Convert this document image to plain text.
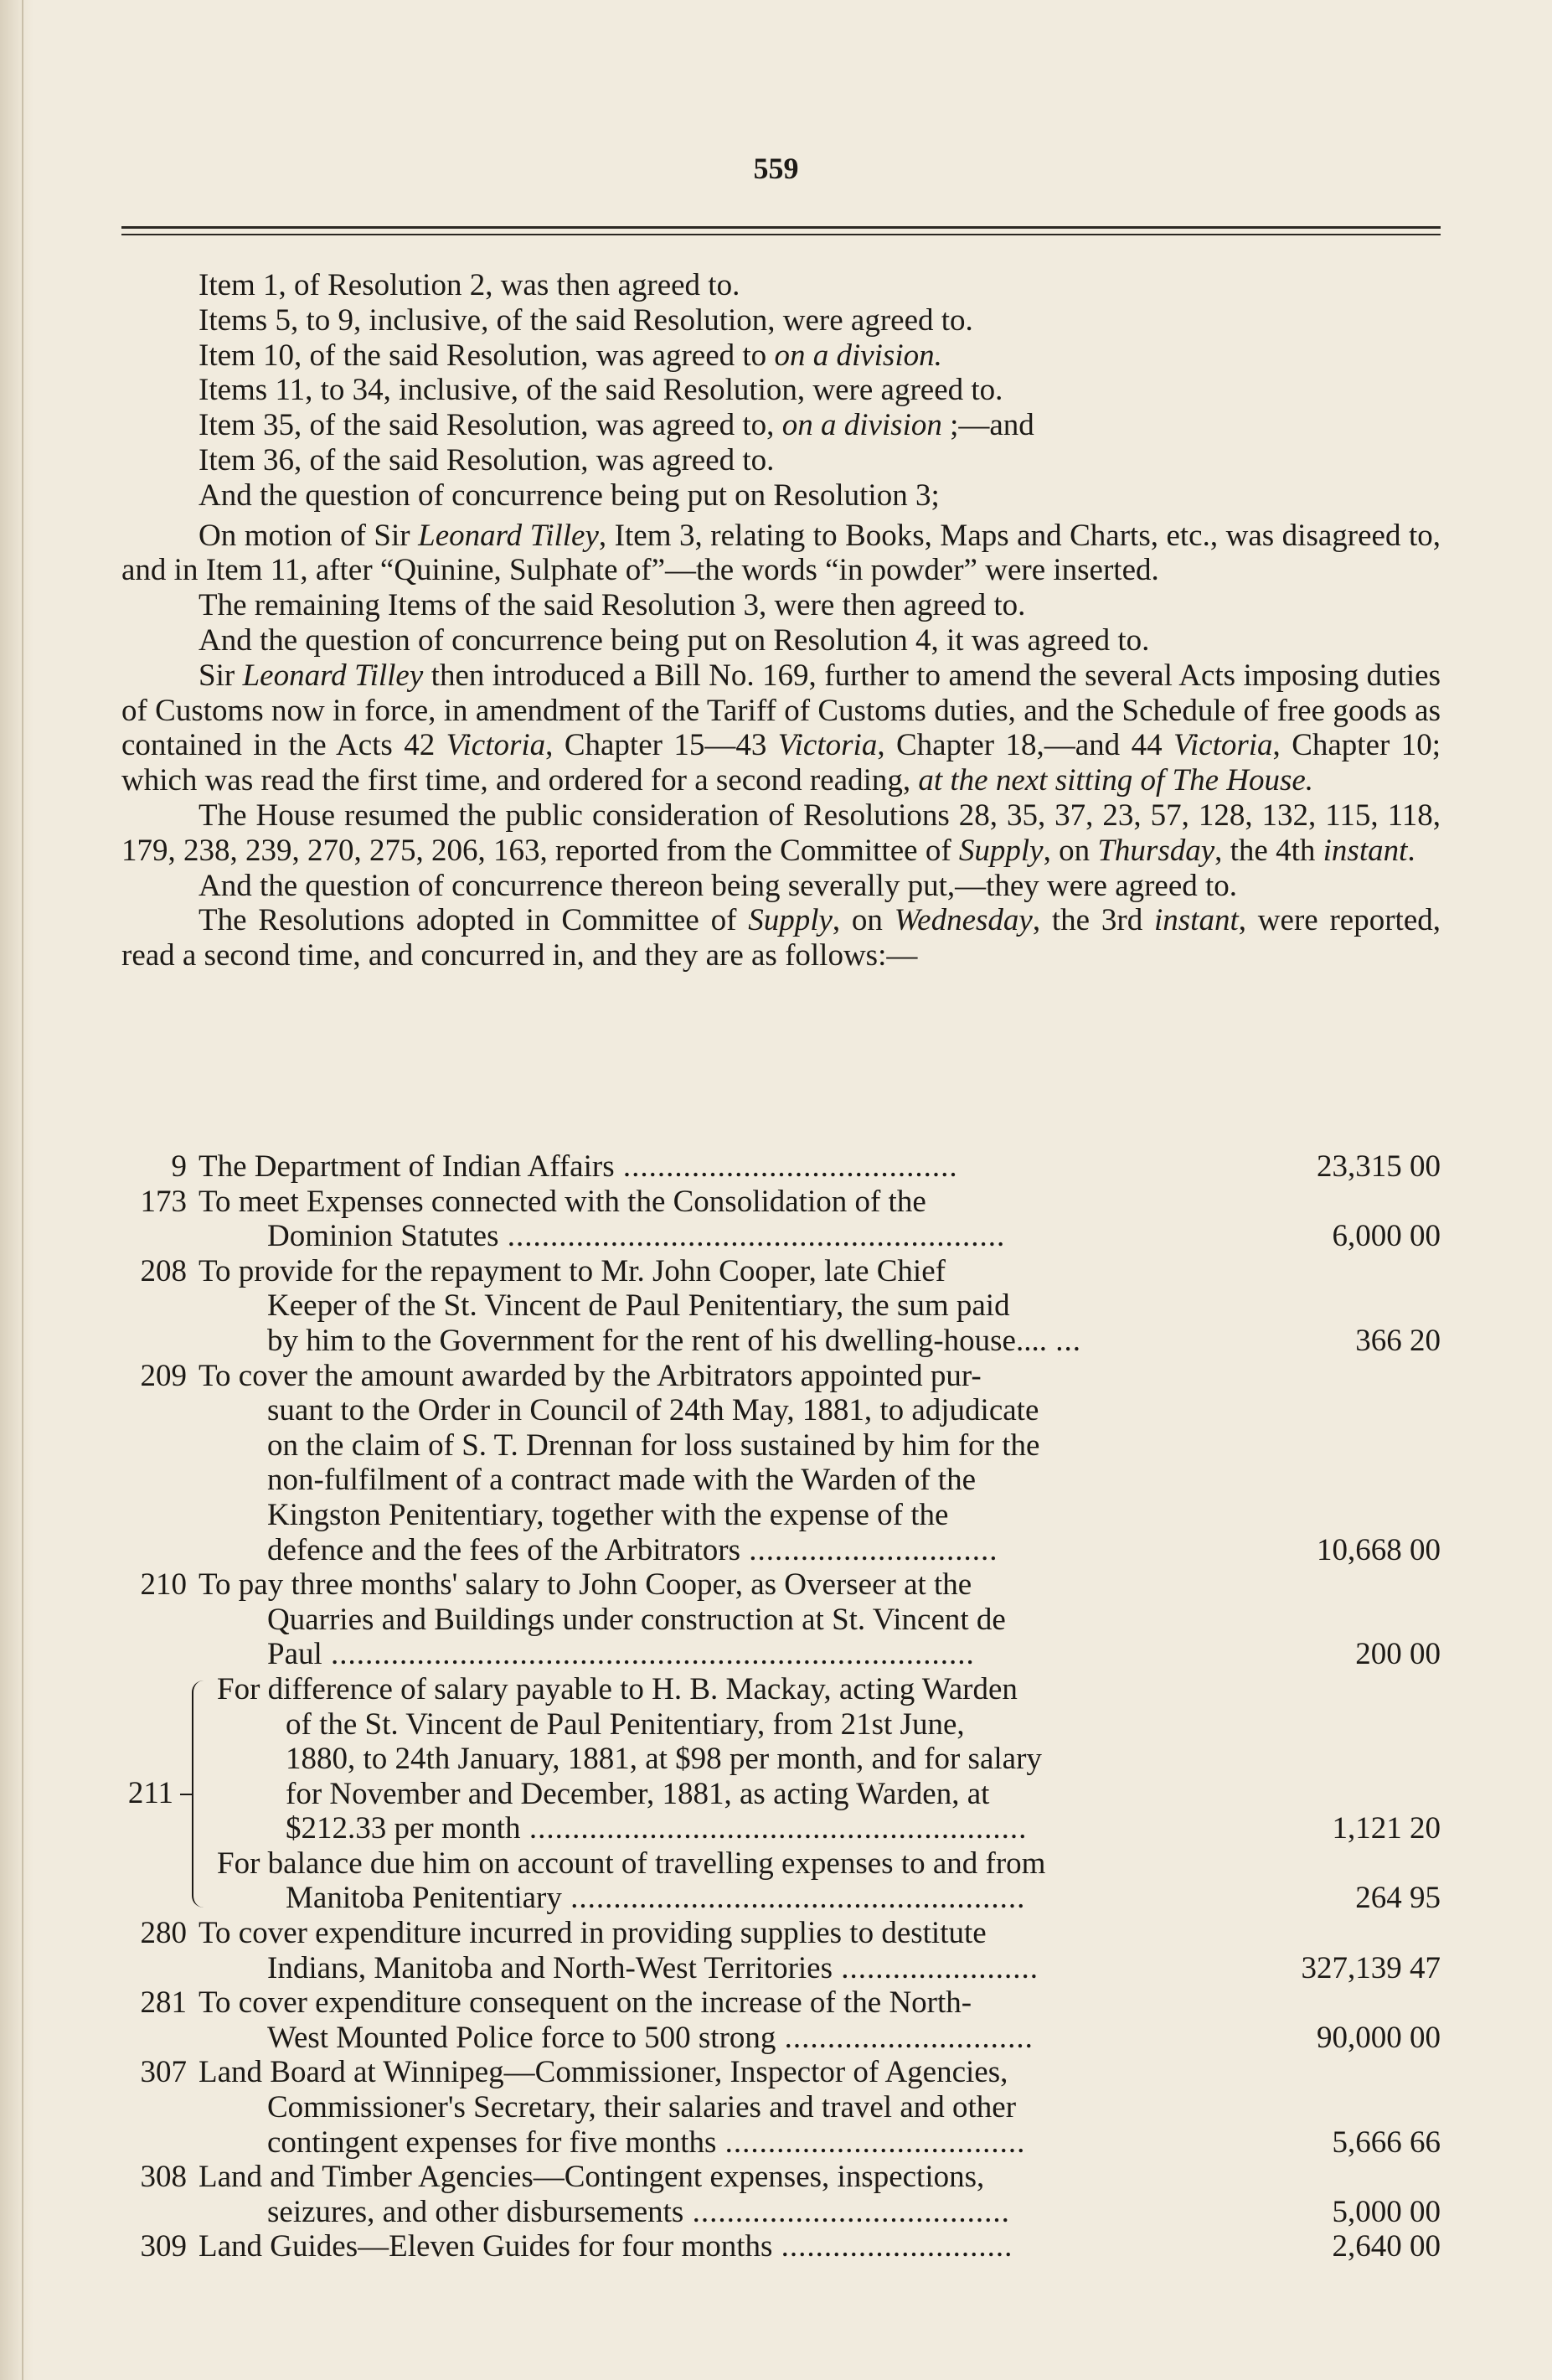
559

Item 1, of Resolution 2, was then agreed to.

Items 5, to 9, inclusive, of the said Resolution, were agreed to.

Item 10, of the said Resolution, was agreed to on a division.

Items 11, to 34, inclusive, of the said Resolution, were agreed to.

Item 35, of the said Resolution, was agreed to, on a division ;—and

Item 36, of the said Resolution, was agreed to.

And the question of concurrence being put on Resolution 3;

On motion of Sir Leonard Tilley, Item 3, relating to Books, Maps and Charts, etc., was disagreed to, and in Item 11, after “Quinine, Sulphate of”—the words “in powder” were inserted.

The remaining Items of the said Resolution 3, were then agreed to.

And the question of concurrence being put on Resolution 4, it was agreed to.

Sir Leonard Tilley then introduced a Bill No. 169, further to amend the several Acts imposing duties of Customs now in force, in amendment of the Tariff of Customs duties, and the Schedule of free goods as contained in the Acts 42 Victoria, Chapter 15—43 Victoria, Chapter 18,—and 44 Victoria, Chapter 10; which was read the first time, and ordered for a second reading, at the next sitting of The House.

The House resumed the public consideration of Resolutions 28, 35, 37, 23, 57, 128, 132, 115, 118, 179, 238, 239, 270, 275, 206, 163, reported from the Committee of Supply, on Thursday, the 4th instant.

And the question of concurrence thereon being severally put,—they were agreed to.

The Resolutions adopted in Committee of Supply, on Wednesday, the 3rd instant, were reported, read a second time, and concurred in, and they are as follows:—

9 The Department of Indian Affairs .......................................	23,315 00
173 To meet Expenses connected with the Consolidation of the

Dominion Statutes ..........................................................	6,000 00
208 To provide for the repayment to Mr. John Cooper, late Chief

Keeper of the St. Vincent de Paul Penitentiary, the sum paid

by him to the Government for the rent of his dwelling-house.... ...	366 20
209 To cover the amount awarded by the Arbitrators appointed pur-

suant to the Order in Council of 24th May, 1881, to adjudicate

on the claim of S. T. Drennan for loss sustained by him for the

non-fulfilment of a contract made with the Warden of the

Kingston Penitentiary, together with the expense of the

defence and the fees of the Arbitrators .............................	10,668 00
210 To pay three months' salary to John Cooper, as Overseer at the

Quarries and Buildings under construction at St. Vincent de

Paul ...........................................................................	200 00
211

For difference of salary payable to H. B. Mackay, acting Warden

of the St. Vincent de Paul Penitentiary, from 21st June,

1880, to 24th January, 1881, at $98 per month, and for salary

for November and December, 1881, as acting Warden, at

$212.33 per month ..........................................................	1,121 20

For balance due him on account of travelling expenses to and from

Manitoba Penitentiary .....................................................	264 95
280 To cover expenditure incurred in providing supplies to destitute

Indians, Manitoba and North-West Territories .......................	327,139 47
281 To cover expenditure consequent on the increase of the North-

West Mounted Police force to 500 strong .............................	90,000 00
307 Land Board at Winnipeg—Commissioner, Inspector of Agencies,

Commissioner's Secretary, their salaries and travel and other

contingent expenses for five months ...................................	5,666 66
308 Land and Timber Agencies—Contingent expenses, inspections,

seizures, and other disbursements .....................................	5,000 00
309 Land Guides—Eleven Guides for four months ...........................	2,640 00
